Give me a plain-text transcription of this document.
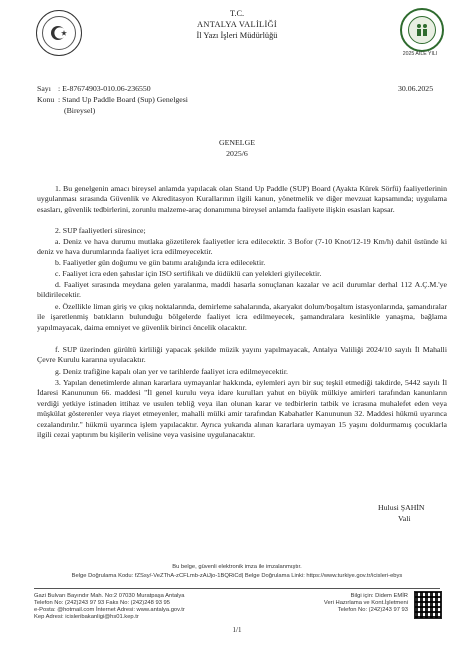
T.C.
ANTALYA VALİLİĞİ
İl Yazı İşleri Müdürlüğü
2025 AİLE YILI
Sayı : E-87674903-010.06-236550	30.06.2025
Konu : Stand Up Paddle Board (Sup) Genelgesi
(Bireysel)
GENELGE
2025/6

1. Bu genelgenin amacı bireysel anlamda yapılacak olan Stand Up Paddle (SUP) Board (Ayakta Kürek Sörfü) faaliyetlerinin uygulanması sırasında Güvenlik ve Akreditasyon Kurallarının ilgili kanun, yönetmelik ve diğer mevzuat kapsamında; uygulama esasları, güvenlik tedbirlerini, zorunlu malzeme-araç donanımına bireysel anlamda faaliyete ilişkin esasları kapsar.

2. SUP faaliyetleri süresince;

a. Deniz ve hava durumu mutlaka gözetilerek faaliyetler icra edilecektir. 3 Bofor (7-10 Knot/12-19 Km/h) dahil üstünde ki deniz ve hava durumlarında faaliyet icra edilmeyecektir.

b. Faaliyetler gün doğumu ve gün batımı aralığında icra edilecektir.

c. Faaliyet icra eden şahıslar için ISO sertifikalı ve düdüklü can yelekleri giyilecektir.

d. Faaliyet sırasında meydana gelen yaralanma, maddi hasarla sonuçlanan kazalar ve acil durumlar derhal 112 A.Ç.M.'ye bildirilecektir.

e. Özellikle liman giriş ve çıkış noktalarında, demirleme sahalarında, akaryakıt dolum/boşaltım istasyonlarında, şamandıralar ile işaretlenmiş batıkların bulunduğu bölgelerde faaliyet icra edilmeyecek, şamandıralara kesinlikle yanaşma, bağlama yapılmayacak, daima emniyet ve güvenlik birinci öncelik olacaktır.

f. SUP üzerinden gürültü kirliliği yapacak şekilde müzik yayını yapılmayacak, Antalya Valiliği 2024/10 sayılı İl Mahalli Çevre Kurulu kararına uyulacaktır.

g. Deniz trafiğine kapalı olan yer ve tarihlerde faaliyet icra edilmeyecektir.

3. Yapılan denetimlerde alınan kararlara uymayanlar hakkında, eylemleri ayrı bir suç teşkil etmediği takdirde, 5442 sayılı İl İdaresi Kanununun 66. maddesi "İl genel kurulu veya idare kurulları yahut en büyük mülkiye amirleri tarafından kanunların verdiği yetkiye istinaden ittihaz ve usulen tebliğ veya ilan olunan karar ve tedbirlerin tatbik ve icrasına muhalefet eden veya müşkülat gösterenler veya riayet etmeyenler, mahalli mülki amir tarafından Kabahatler Kanununun 32. Maddesi hükmü uyarınca cezalandırılır." hükmü uyarınca işlem yapılacaktır. Ayrıca yukarıda alınan kararlara uymayan 15 yaşını doldurmamış çocuklarla ilgili cezai yaptırım bu kişilerin velisine veya vasisine uygulanacaktır.

Hulusi ŞAHİN
Vali
Bu belge, güvenli elektronik imza ile imzalanmıştır.
Belge Doğrulama Kodu: fZSsy/-VeZThA-zCFLmb-zAiJjo-1BQRiCd| Belge Doğrulama Linki: https://www.turkiye.gov.tr/icisleri-ebys
Gazi Bulvarı Bayındır Mah. No:2 07030 Muratpaşa Antalya
Telefon No: (242)243 97 93 Faks No: (242)248 93 95
e-Posta: @hotmail.com İnternet Adresi: www.antalya.gov.tr
Kep Adresi: icisleribakanligi@hs01.kep.tr
Bilgi için: Didem EMİR
Veri Hazırlama ve Kont.İşletmeni
Telefon No: (242)243 97 93
1/1
